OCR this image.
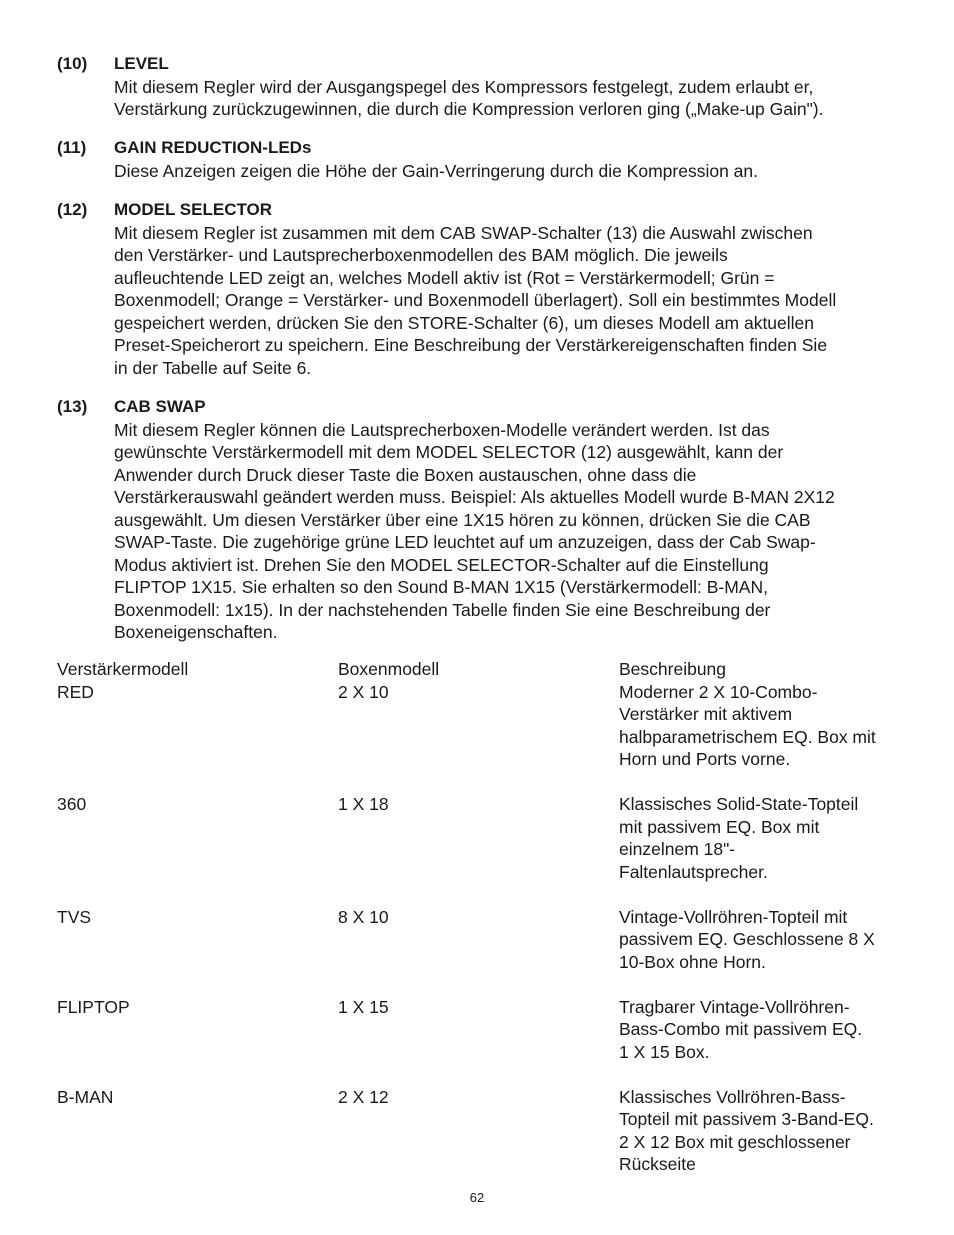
(10) LEVEL
Mit diesem Regler wird der Ausgangspegel des Kompressors festgelegt, zudem erlaubt er,
Verstärkung zurückzugewinnen, die durch die Kompression verloren ging („Make-up Gain").
(11) GAIN REDUCTION-LEDs
Diese Anzeigen zeigen die Höhe der Gain-Verringerung durch die Kompression an.
(12) MODEL SELECTOR
Mit diesem Regler ist zusammen mit dem CAB SWAP-Schalter (13) die Auswahl zwischen
den Verstärker- und Lautsprecherboxenmodellen des BAM möglich. Die jeweils
aufleuchtende LED zeigt an, welches Modell aktiv ist (Rot = Verstärkermodell; Grün =
Boxenmodell; Orange = Verstärker- und Boxenmodell überlagert). Soll ein bestimmtes Modell
gespeichert werden, drücken Sie den STORE-Schalter (6), um dieses Modell am aktuellen
Preset-Speicherort zu speichern. Eine Beschreibung der Verstärkereigenschaften finden Sie
in der Tabelle auf Seite 6.
(13) CAB SWAP
Mit diesem Regler können die Lautsprecherboxen-Modelle verändert werden. Ist das
gewünschte Verstärkermodell mit dem MODEL SELECTOR (12) ausgewählt, kann der
Anwender durch Druck dieser Taste die Boxen austauschen, ohne dass die
Verstärkerauswahl geändert werden muss. Beispiel: Als aktuelles Modell wurde B-MAN 2X12
ausgewählt. Um diesen Verstärker über eine 1X15 hören zu können, drücken Sie die CAB
SWAP-Taste. Die zugehörige grüne LED leuchtet auf um anzuzeigen, dass der Cab Swap-
Modus aktiviert ist. Drehen Sie den MODEL SELECTOR-Schalter auf die Einstellung
FLIPTOP 1X15. Sie erhalten so den Sound B-MAN 1X15 (Verstärkermodell: B-MAN,
Boxenmodell: 1x15). In der nachstehenden Tabelle finden Sie eine Beschreibung der
Boxeneigenschaften.
Verstärkermodell	Boxenmodell	Beschreibung
RED	2 X 10	Moderner 2 X 10-Combo-
Verstärker mit aktivem
halbparametrischem EQ. Box mit
Horn und Ports vorne.
360	1 X 18	Klassisches Solid-State-Topteil
mit passivem EQ. Box mit
einzelnem 18"-
Faltenlautsprecher.
TVS	8 X 10	Vintage-Vollröhren-Topteil mit
passivem EQ. Geschlossene 8 X
10-Box ohne Horn.
FLIPTOP	1 X 15	Tragbarer Vintage-Vollröhren-
Bass-Combo mit passivem EQ.
1 X 15 Box.
B-MAN	2 X 12	Klassisches Vollröhren-Bass-
Topteil mit passivem 3-Band-EQ.
2 X 12 Box mit geschlossener
Rückseite
62
